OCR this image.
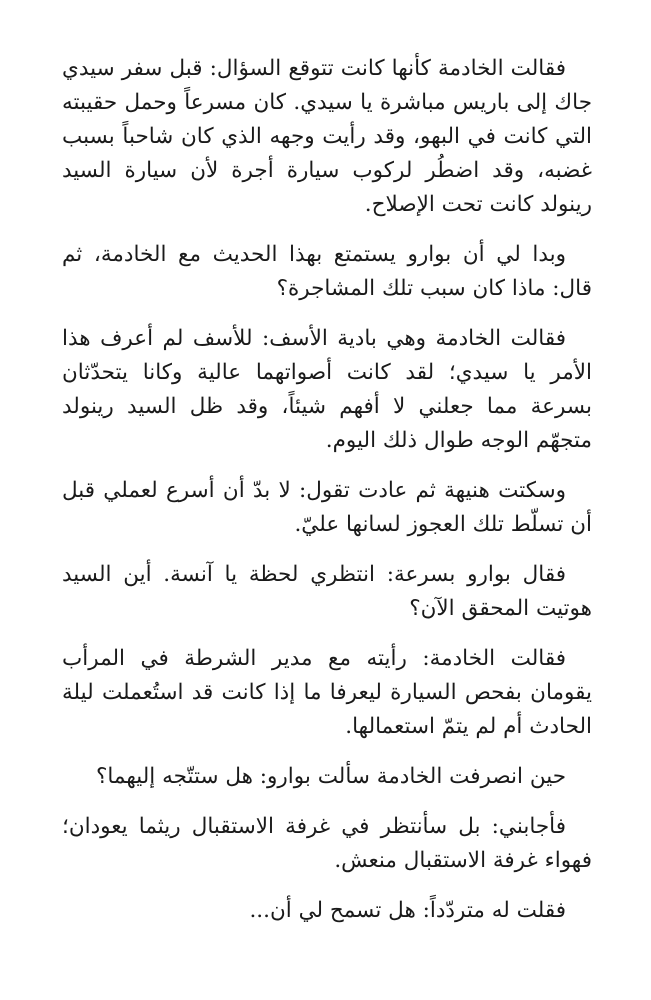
فقالت الخادمة كأنها كانت تتوقع السؤال: قبل سفر سيدي جاك إلى باريس مباشرة يا سيدي. كان مسرعاً وحمل حقيبته التي كانت في البهو، وقد رأيت وجهه الذي كان شاحباً بسبب غضبه، وقد اضطُر لركوب سيارة أجرة لأن سيارة السيد رينولد كانت تحت الإصلاح.

وبدا لي أن بوارو يستمتع بهذا الحديث مع الخادمة، ثم قال: ماذا كان سبب تلك المشاجرة؟

فقالت الخادمة وهي بادية الأسف: للأسف لم أعرف هذا الأمر يا سيدي؛ لقد كانت أصواتهما عالية وكانا يتحدّثان بسرعة مما جعلني لا أفهم شيئاً، وقد ظل السيد رينولد متجهّم الوجه طوال ذلك اليوم.

وسكتت هنيهة ثم عادت تقول: لا بدّ أن أسرع لعملي قبل أن تسلّط تلك العجوز لسانها عليّ.

فقال بوارو بسرعة: انتظري لحظة يا آنسة. أين السيد هوتيت المحقق الآن؟

فقالت الخادمة: رأيته مع مدير الشرطة في المرأب يقومان بفحص السيارة ليعرفا ما إذا كانت قد استُعملت ليلة الحادث أم لم يتمّ استعمالها.

حين انصرفت الخادمة سألت بوارو: هل ستتّجه إليهما؟

فأجابني: بل سأنتظر في غرفة الاستقبال ريثما يعودان؛ فهواء غرفة الاستقبال منعش.

فقلت له متردّداً: هل تسمح لي أن...
